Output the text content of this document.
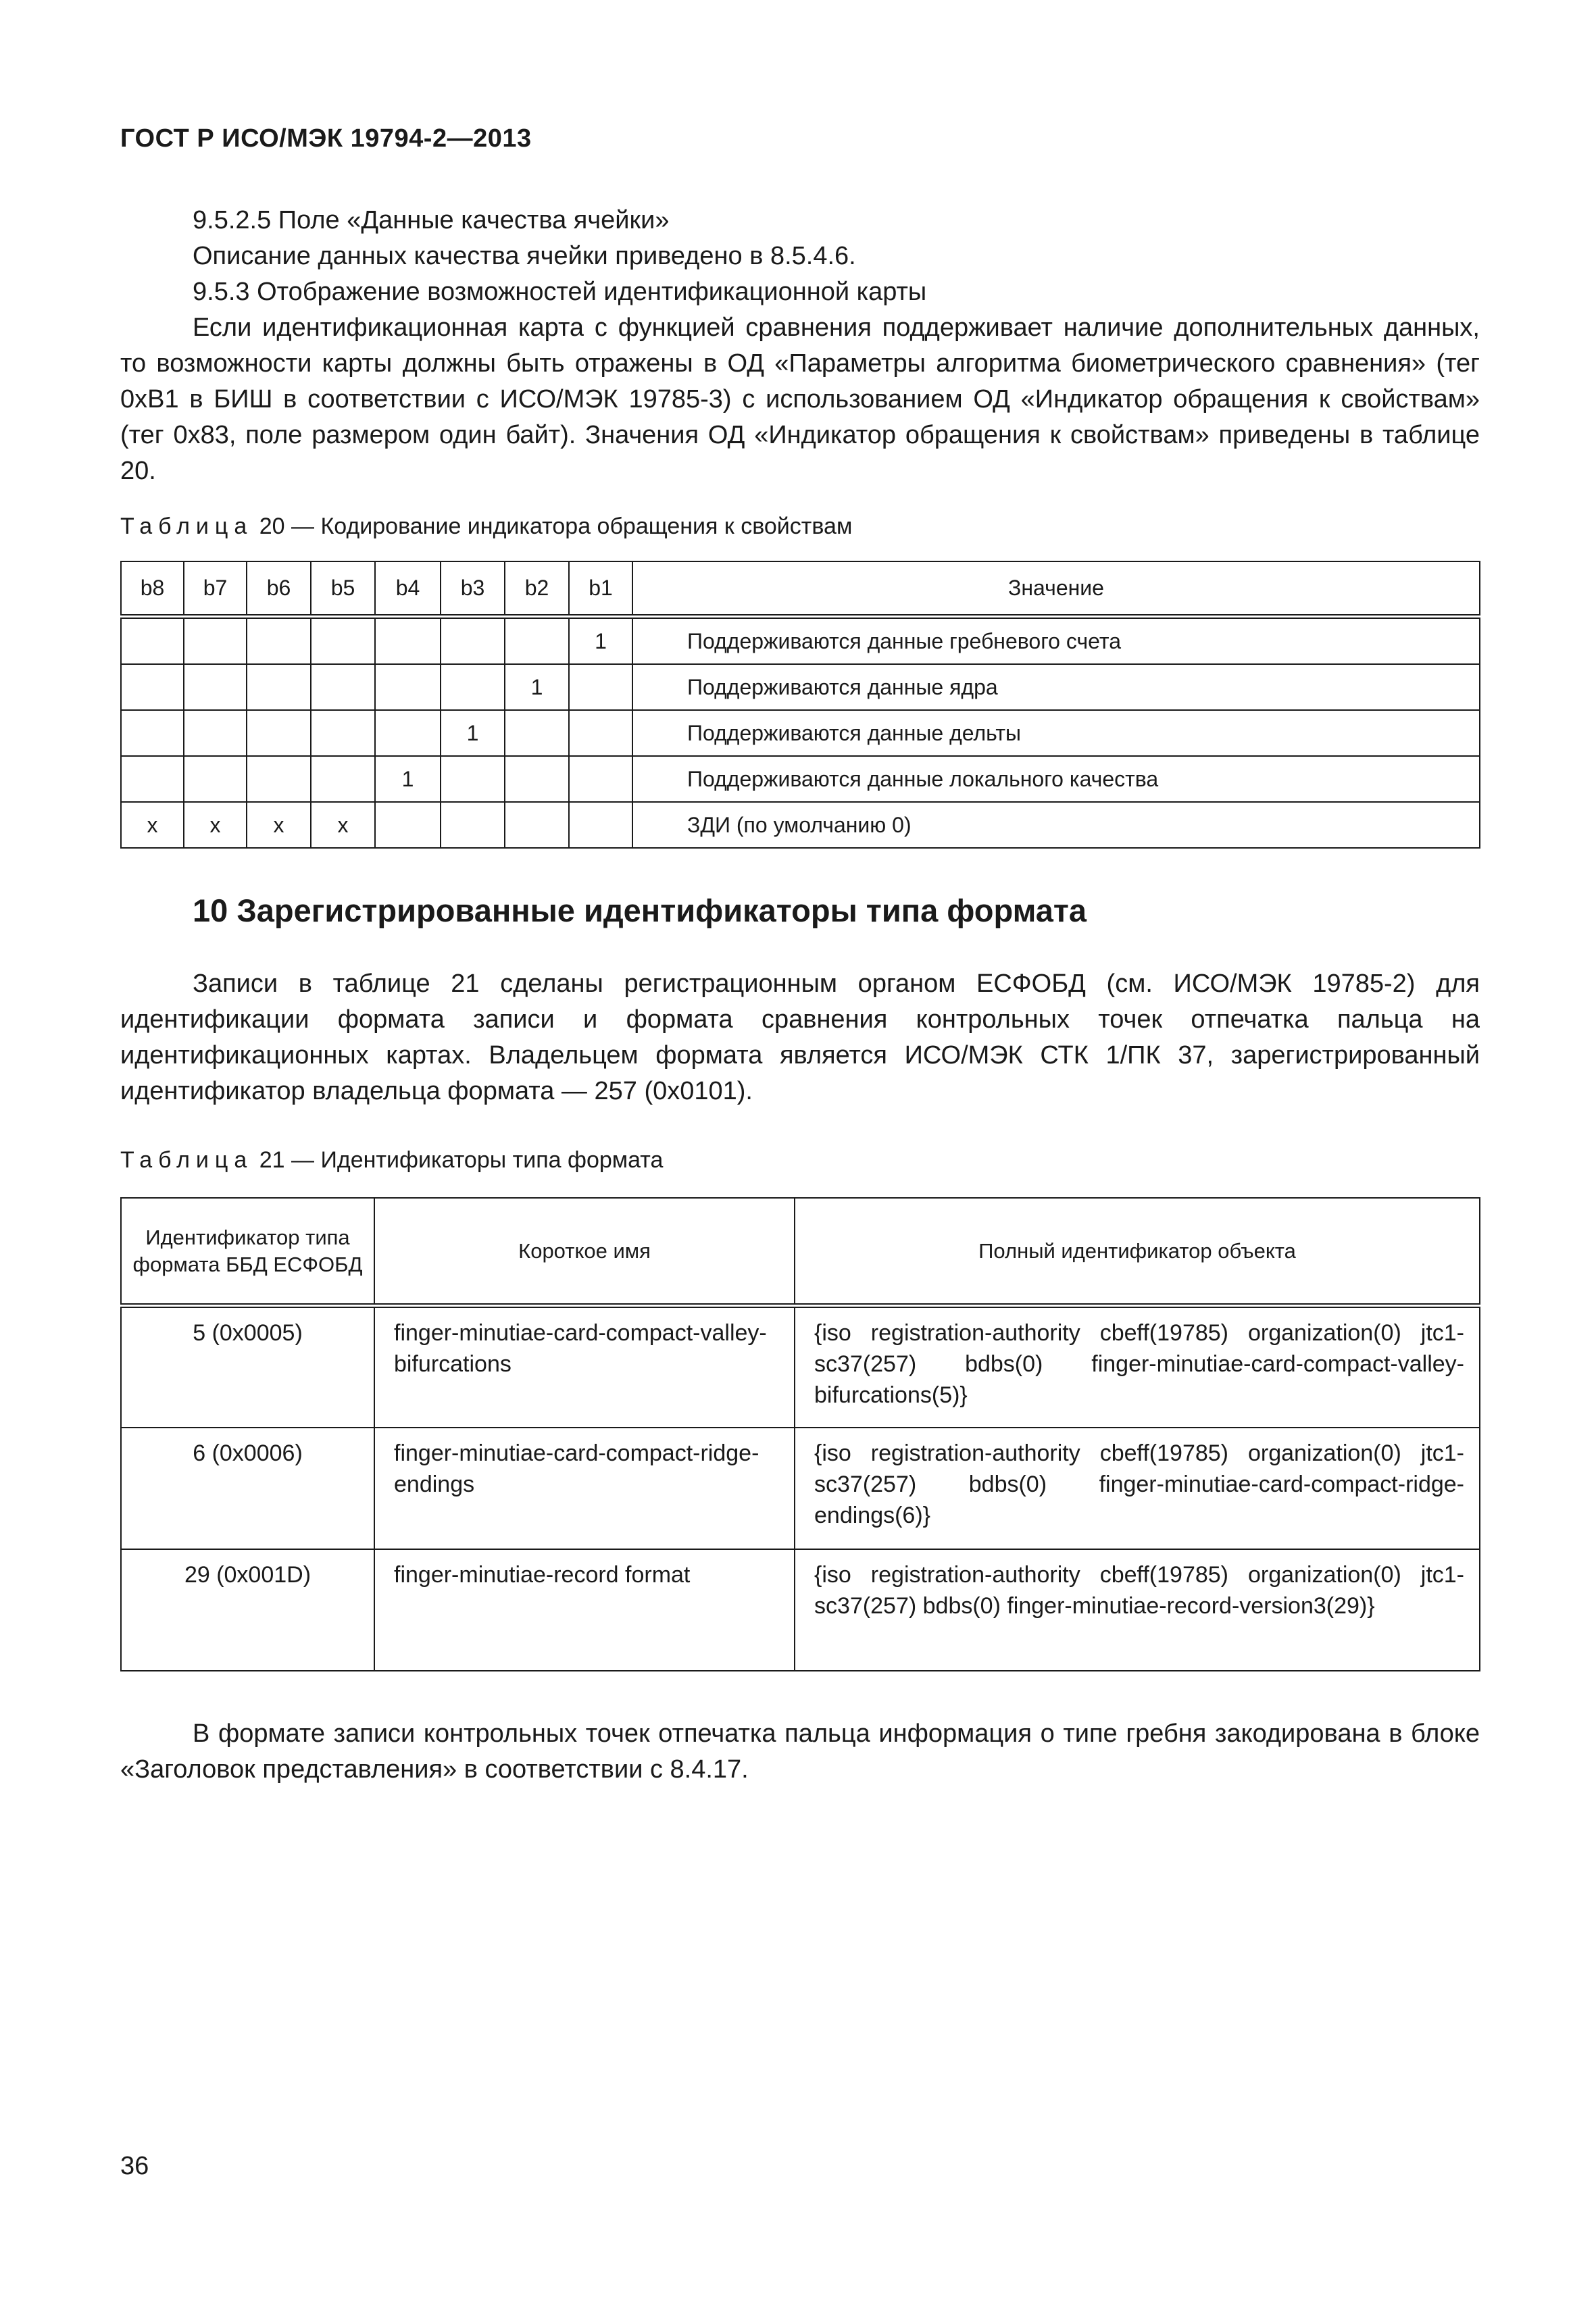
ГОСТ Р ИСО/МЭК 19794-2—2013

9.5.2.5 Поле «Данные качества ячейки»

Описание данных качества ячейки приведено в 8.5.4.6.

9.5.3 Отображение возможностей идентификационной карты

Если идентификационная карта с функцией сравнения поддерживает наличие дополнительных данных, то возможности карты должны быть отражены в ОД «Параметры алгоритма биометрического сравнения» (тег 0xB1 в БИШ в соответствии с ИСО/МЭК 19785-3) с использованием ОД «Индикатор обращения к свойствам» (тег 0x83, поле размером один байт). Значения ОД «Индикатор обращения к свойствам» приведены в таблице 20.

Таблица 20 — Кодирование индикатора обращения к свойствам
b8	b7	b6	b5	b4	b3	b2	b1	Значение
							1	Поддерживаются данные гребневого счета
						1		Поддерживаются данные ядра
					1			Поддерживаются данные дельты
				1				Поддерживаются данные локального качества
x	x	x	x					ЗДИ (по умолчанию 0)
10 Зарегистрированные идентификаторы типа формата

Записи в таблице 21 сделаны регистрационным органом ЕСФОБД (см. ИСО/МЭК 19785-2) для идентификации формата записи и формата сравнения контрольных точек отпечатка пальца на идентификационных картах. Владельцем формата является ИСО/МЭК СТК 1/ПК 37, зарегистрированный идентификатор владельца формата — 257 (0x0101).

Таблица 21 — Идентификаторы типа формата
Идентификатор типа формата ББД ЕСФОБД	Короткое имя	Полный идентификатор объекта
5 (0x0005)	finger-minutiae-card-compact-valley-bifurcations	{iso registration-authority cbeff(19785) organization(0) jtc1-sc37(257) bdbs(0) finger-minutiae-card-compact-valley-bifurcations(5)}
6 (0x0006)	finger-minutiae-card-compact-ridge-endings	{iso registration-authority cbeff(19785) organization(0) jtc1-sc37(257) bdbs(0) finger-minutiae-card-compact-ridge-endings(6)}
29 (0x001D)	finger-minutiae-record format	{iso registration-authority cbeff(19785) organization(0) jtc1-sc37(257) bdbs(0) finger-minutiae-record-version3(29)}

В формате записи контрольных точек отпечатка пальца информация о типе гребня закодирована в блоке «Заголовок представления» в соответствии с 8.4.17.

36
